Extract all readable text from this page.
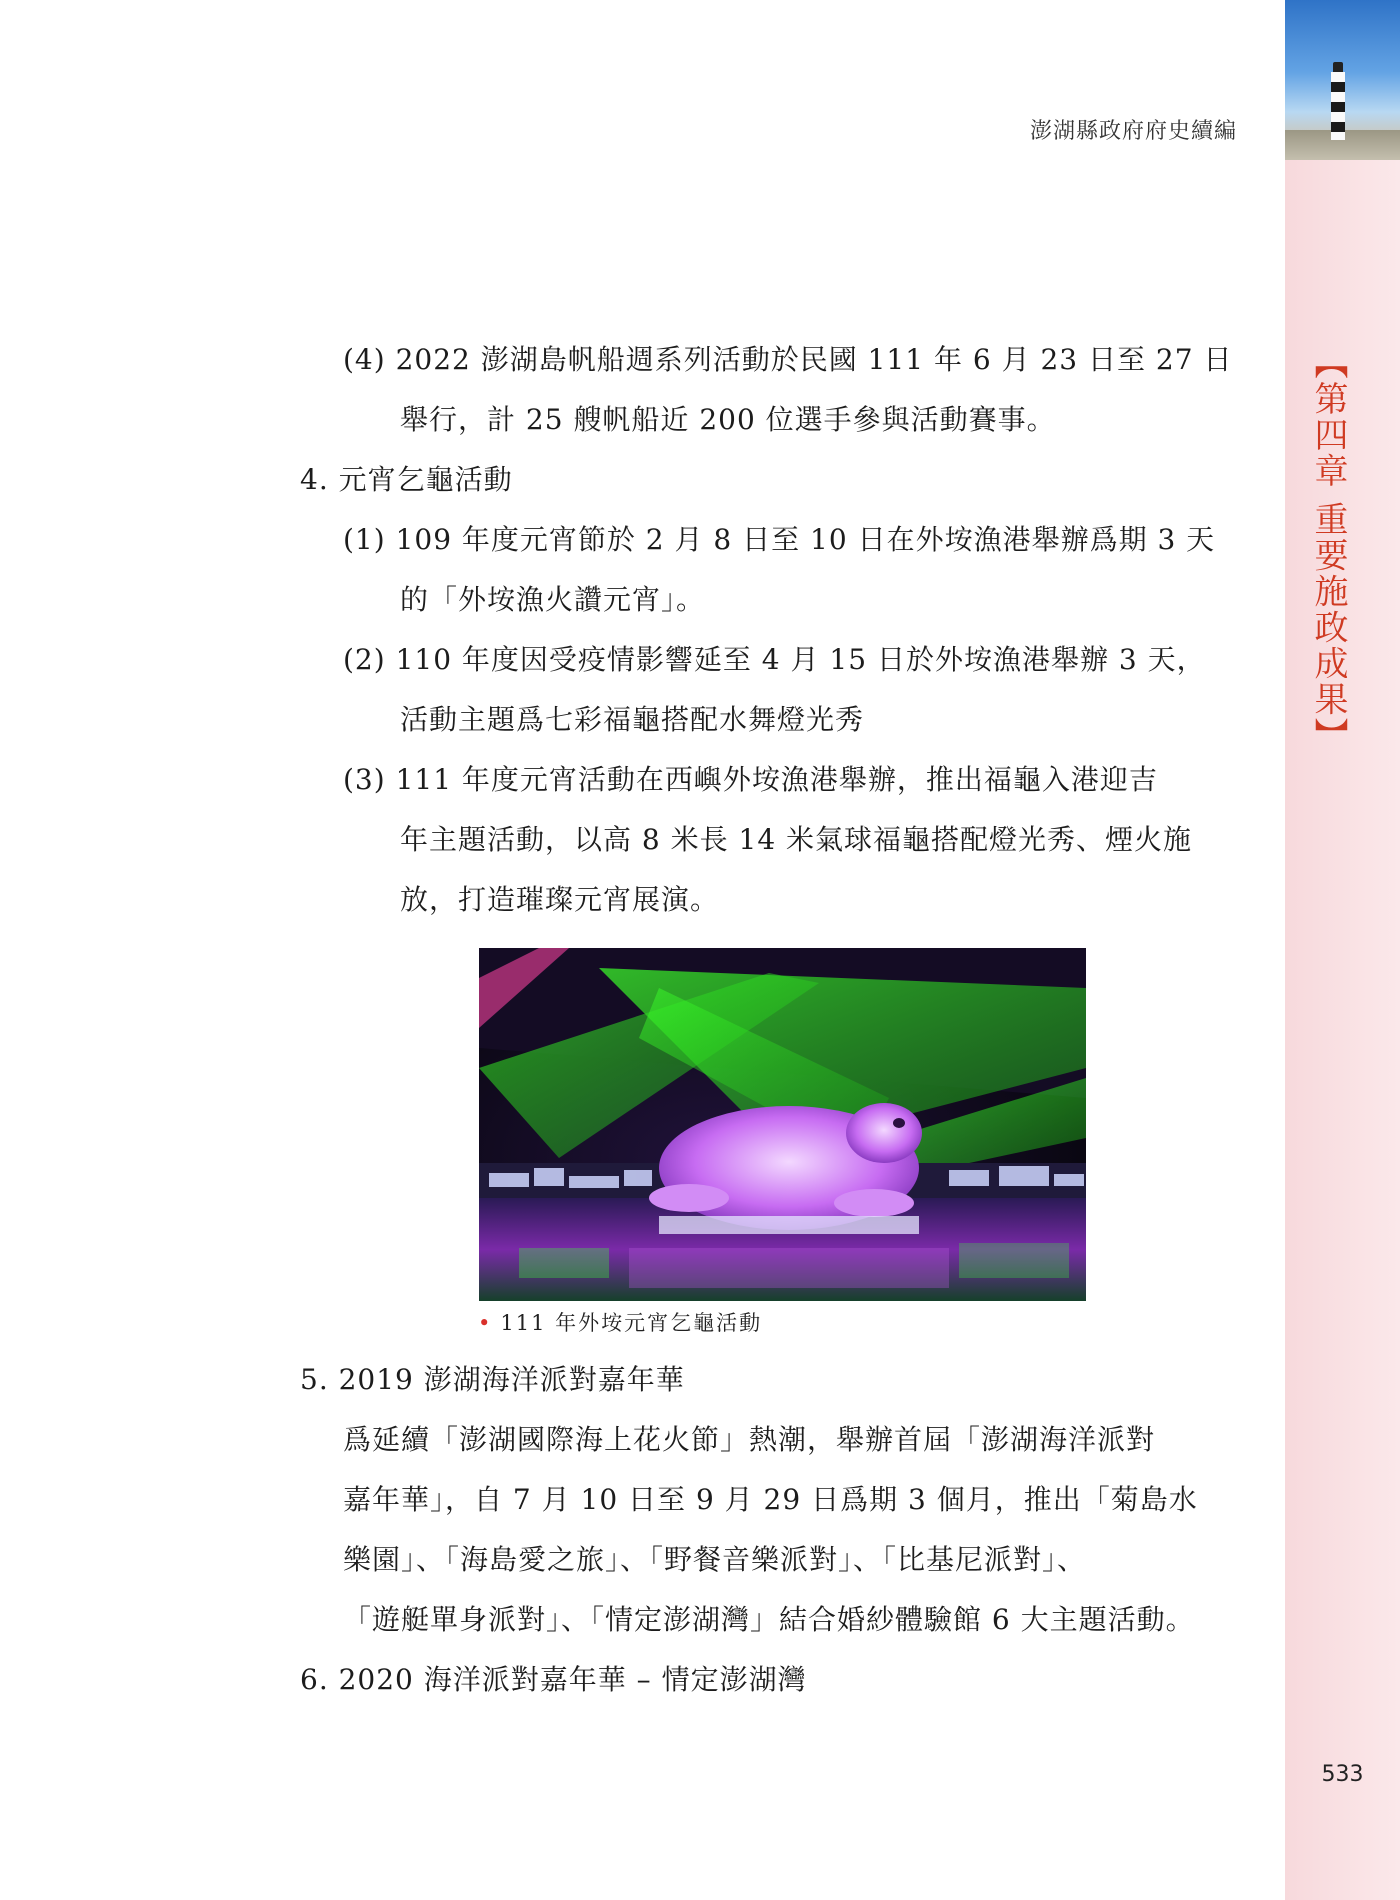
澎湖縣政府府史續編
【第四章 重要施政成果】
533
(4) 2022 澎湖島帆船週系列活動於民國 111 年 6 月 23 日至 27 日
舉行，計 25 艘帆船近 200 位選手參與活動賽事。
4. 元宵乞龜活動
(1) 109 年度元宵節於 2 月 8 日至 10 日在外垵漁港舉辦爲期 3 天
的「外垵漁火讚元宵」。
(2) 110 年度因受疫情影響延至 4 月 15 日於外垵漁港舉辦 3 天，
活動主題爲七彩福龜搭配水舞燈光秀
(3) 111 年度元宵活動在西嶼外垵漁港舉辦，推出福龜入港迎吉
年主題活動，以高 8 米長 14 米氣球福龜搭配燈光秀、煙火施
放，打造璀璨元宵展演。
• 111 年外垵元宵乞龜活動
5. 2019 澎湖海洋派對嘉年華
爲延續「澎湖國際海上花火節」熱潮，舉辦首屆「澎湖海洋派對
嘉年華」，自 7 月 10 日至 9 月 29 日爲期 3 個月，推出「菊島水
樂園」、「海島愛之旅」、「野餐音樂派對」、「比基尼派對」、
「遊艇單身派對」、「情定澎湖灣」結合婚紗體驗館 6 大主題活動。
6. 2020 海洋派對嘉年華 – 情定澎湖灣
